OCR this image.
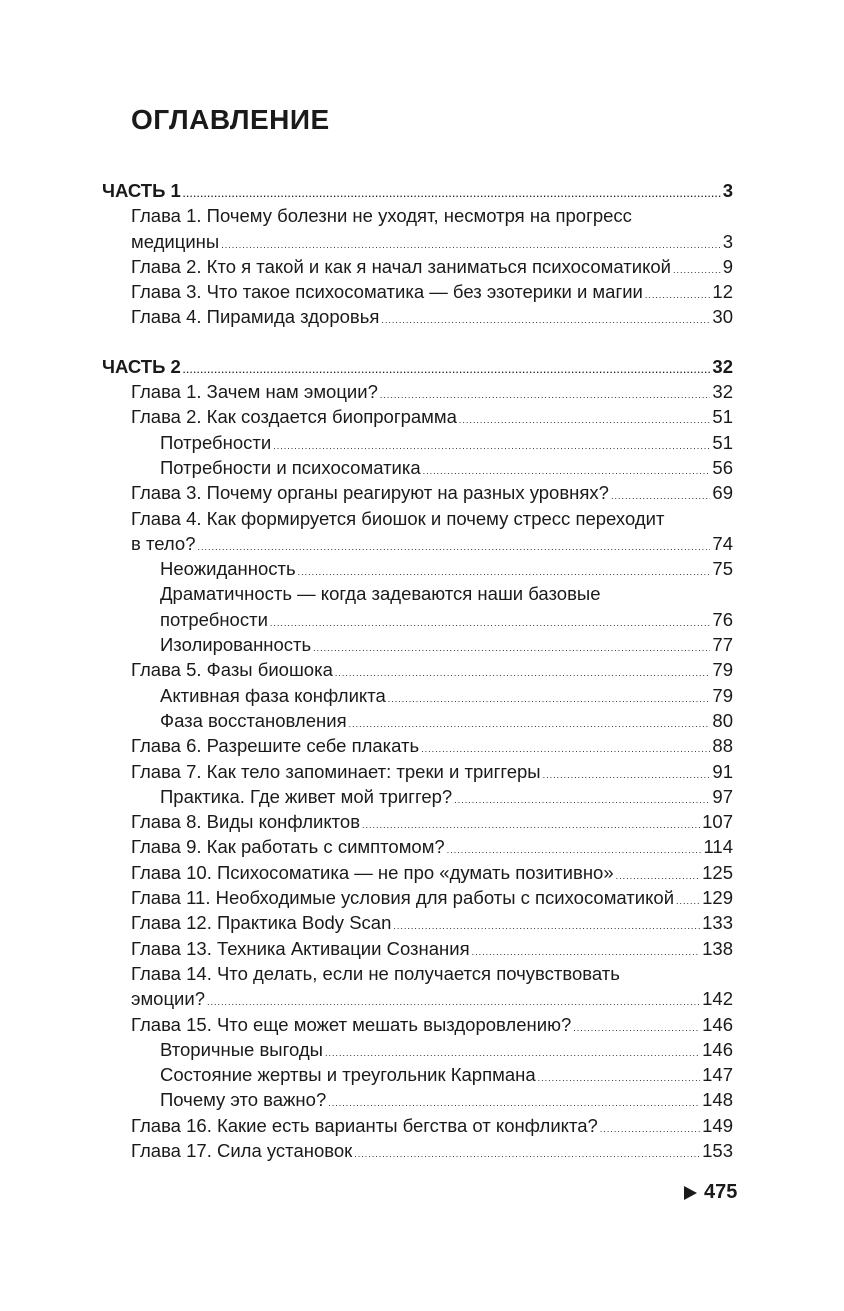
ОГЛАВЛЕНИЕ
ЧАСТЬ 1 .....	3
Глава 1. Почему болезни не уходят, несмотря на прогресс
медицины .....	3
Глава 2. Кто я такой и как я начал заниматься психосоматикой .....	9
Глава 3. Что такое психосоматика — без эзотерики и магии .....	12
Глава 4. Пирамида здоровья .....	30
ЧАСТЬ 2 .....	32
Глава 1. Зачем нам эмоции? .....	32
Глава 2. Как создается биопрограмма .....	51
Потребности .....	51
Потребности и психосоматика .....	56
Глава 3. Почему органы реагируют на разных уровнях? .....	69
Глава 4. Как формируется биошок и почему стресс переходит
в тело? .....	74
Неожиданность .....	75
Драматичность — когда задеваются наши базовые
потребности .....	76
Изолированность .....	77
Глава 5. Фазы биошока .....	79
Активная фаза конфликта .....	79
Фаза восстановления .....	80
Глава 6. Разрешите себе плакать .....	88
Глава 7. Как тело запоминает: треки и триггеры .....	91
Практика. Где живет мой триггер? .....	97
Глава 8. Виды конфликтов .....	107
Глава 9. Как работать с симптомом? .....	114
Глава 10. Психосоматика — не про «думать позитивно» .....	125
Глава 11. Необходимые условия для работы с психосоматикой ..... 129
Глава 12. Практика Body Scan .....	133
Глава 13. Техника Активации Сознания .....	138
Глава 14. Что делать, если не получается почувствовать
эмоции? .....	142
Глава 15. Что еще может мешать выздоровлению? .....	146
Вторичные выгоды .....	146
Состояние жертвы и треугольник Карпмана .....	147
Почему это важно? .....	148
Глава 16. Какие есть варианты бегства от конфликта? .....	149
Глава 17. Сила установок .....	153
475
